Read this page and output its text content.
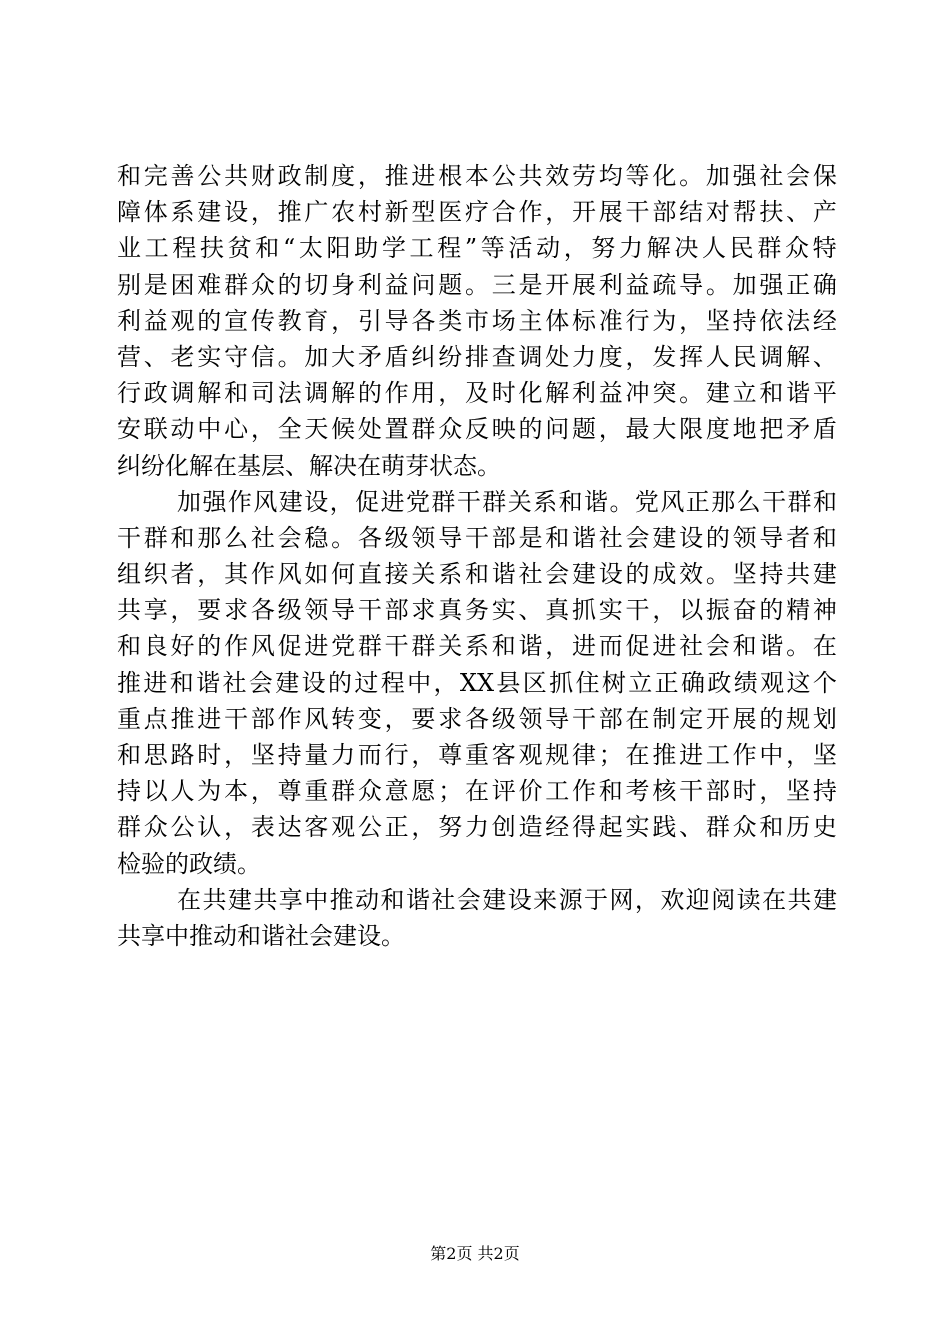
和 完 善 公 共 财 政 制 度 ， 推 进 根 本 公 共 效 劳 均 等 化 。 加 强 社 会 保
障 体 系 建 设 ， 推 广 农 村 新 型 医 疗 合 作 ， 开 展 干 部 结 对 帮 扶 、 产
业 工 程 扶 贫 和 “ 太 阳 助 学 工 程 ” 等 活 动 ， 努 力 解 决 人 民 群 众 特
别 是 困 难 群 众 的 切 身 利 益 问 题 。 三 是 开 展 利 益 疏 导 。 加 强 正 确
利 益 观 的 宣 传 教 育 ， 引 导 各 类 市 场 主 体 标 准 行 为 ， 坚 持 依 法 经
营 、 老 实 守 信 。 加 大 矛 盾 纠 纷 排 查 调 处 力 度 ， 发 挥 人 民 调 解 、
行 政 调 解 和 司 法 调 解 的 作 用 ， 及 时 化 解 利 益 冲 突 。 建 立 和 谐 平
安 联 动 中 心 ， 全 天 候 处 置 群 众 反 映 的 问 题 ， 最 大 限 度 地 把 矛 盾
纠纷化解在基层、解决在萌芽状态。
加 强 作 风 建 设 ， 促 进 党 群 干 群 关 系 和 谐 。 党 风 正 那 么 干 群 和
干 群 和 那 么 社 会 稳 。 各 级 领 导 干 部 是 和 谐 社 会 建 设 的 领 导 者 和
组 织 者 ， 其 作 风 如 何 直 接 关 系 和 谐 社 会 建 设 的 成 效 。 坚 持 共 建
共 享 ， 要 求 各 级 领 导 干 部 求 真 务 实 、 真 抓 实 干 ， 以 振 奋 的 精 神
和 良 好 的 作 风 促 进 党 群 干 群 关 系 和 谐 ， 进 而 促 进 社 会 和 谐 。 在
推 进 和 谐 社 会 建 设 的 过 程 中 ， XX 县 区 抓 住 树 立 正 确 政 绩 观 这 个
重 点 推 进 干 部 作 风 转 变 ， 要 求 各 级 领 导 干 部 在 制 定 开 展 的 规 划
和 思 路 时 ， 坚 持 量 力 而 行 ， 尊 重 客 观 规 律 ； 在 推 进 工 作 中 ， 坚
持 以 人 为 本 ， 尊 重 群 众 意 愿 ； 在 评 价 工 作 和 考 核 干 部 时 ， 坚 持
群 众 公 认 ， 表 达 客 观 公 正 ， 努 力 创 造 经 得 起 实 践 、 群 众 和 历 史
检验的政绩。
在 共 建 共 享 中 推 动 和 谐 社 会 建 设 来 源 于 网 ， 欢 迎 阅 读 在 共 建
共享中推动和谐社会建设。
第2页 共2页
